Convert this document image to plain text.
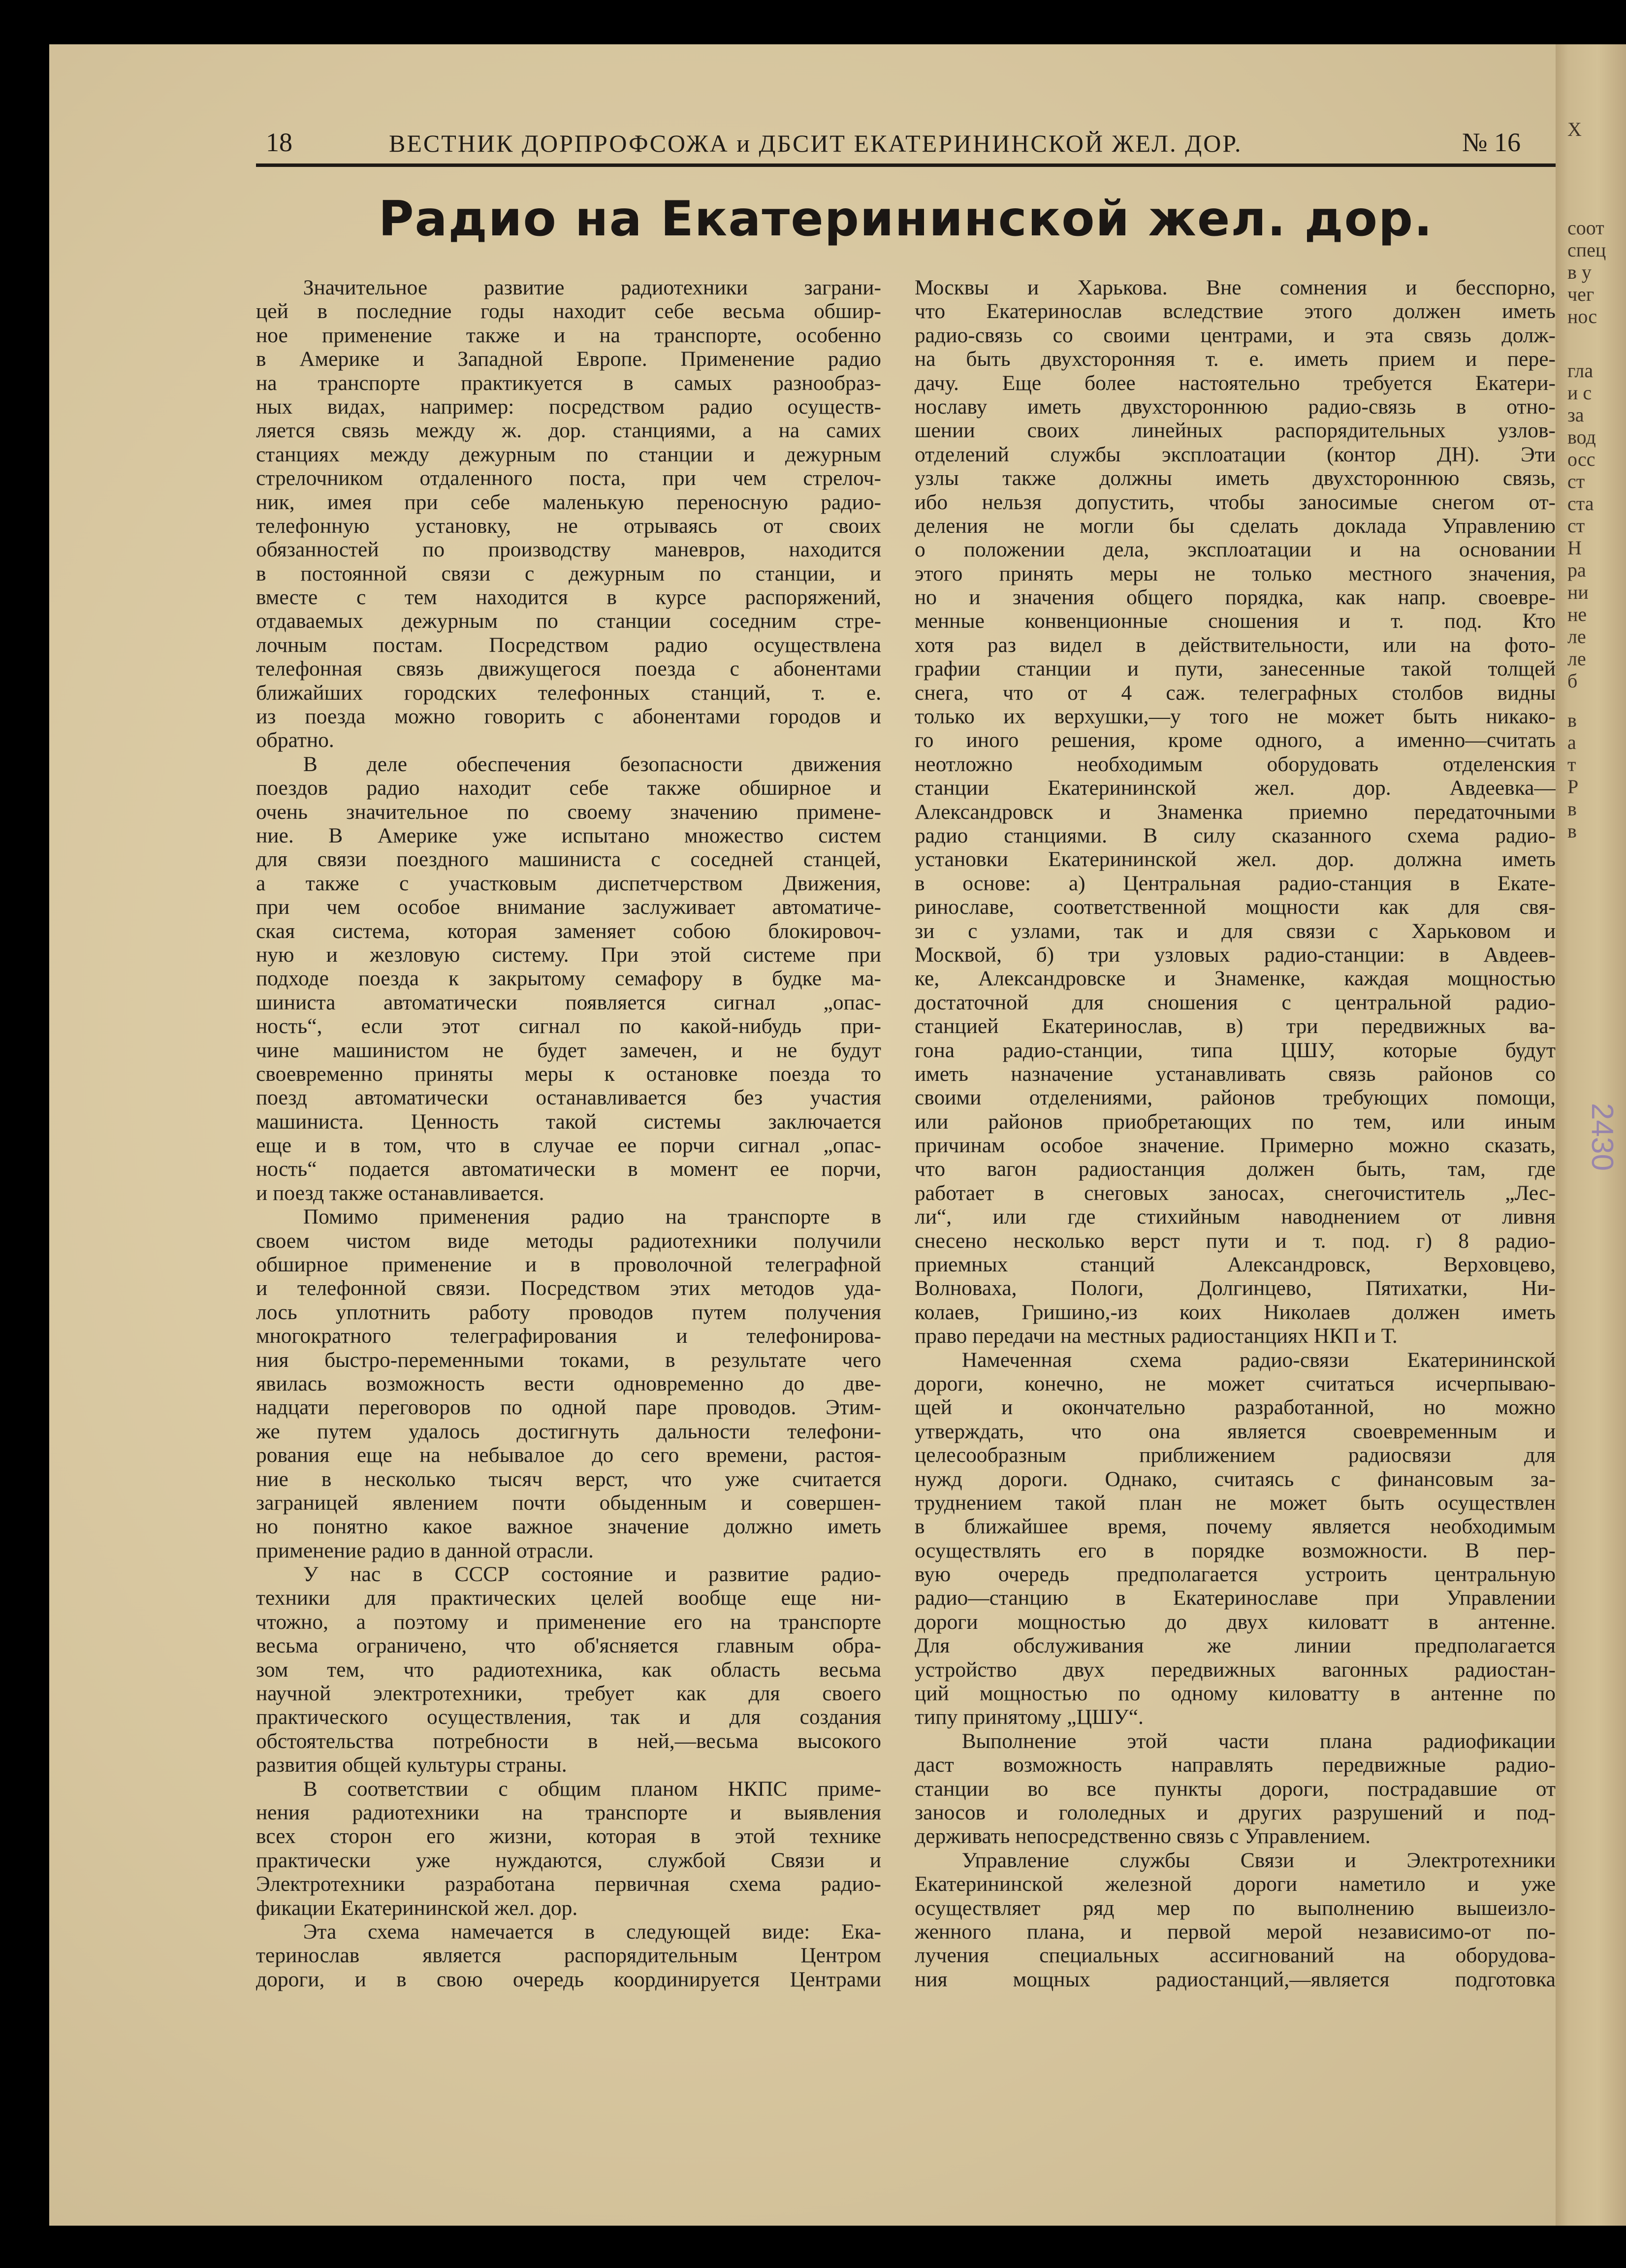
Х
соот
спец
в у
чег
нос
гла
и с
за
вод
осс
ст
ста
ст
Н
ра
ни
не
ле
ле
б
в
а
т
Р
в
в
18	ВЕСТНИК ДОРПРОФСОЖА и ДБСИТ ЕКАТЕРИНИНСКОЙ ЖЕЛ. ДОР.	№ 16
Радио на Екатерининской жел. дор.
Значительное развитие радиотехники заграни-
цей в последние годы находит себе весьма обшир-
ное применение также и на транспорте, особенно
в Америке и Западной Европе. Применение радио
на транспорте практикуется в самых разнообраз-
ных видах, например: посредством радио осуществ-
ляется связь между ж. дор. станциями, а на самих
станциях между дежурным по станции и дежурным
стрелочником отдаленного поста, при чем стрелоч-
ник, имея при себе маленькую переносную радио-
телефонную установку, не отрываясь от своих
обязанностей по производству маневров, находится
в постоянной связи с дежурным по станции, и
вместе с тем находится в курсе распоряжений,
отдаваемых дежурным по станции соседним стре-
лочным постам. Посредством радио осуществлена
телефонная связь движущегося поезда с абонентами
ближайших городских телефонных станций, т. е.
из поезда можно говорить с абонентами городов и
обратно.
В деле обеспечения безопасности движения
поездов радио находит себе также обширное и
очень значительное по своему значению примене-
ние. В Америке уже испытано множество систем
для связи поездного машиниста с соседней станцей,
а также с участковым диспетчерством Движения,
при чем особое внимание заслуживает автоматиче-
ская система, которая заменяет собою блокировоч-
ную и жезловую систему. При этой системе при
подходе поезда к закрытому семафору в будке ма-
шиниста автоматически появляется сигнал „опас-
ность“, если этот сигнал по какой-нибудь при-
чине машинистом не будет замечен, и не будут
своевременно приняты меры к остановке поезда то
поезд автоматически останавливается без участия
машиниста. Ценность такой системы заключается
еще и в том, что в случае ее порчи сигнал „опас-
ность“ подается автоматически в момент ее порчи,
и поезд также останавливается.
Помимо применения радио на транспорте в
своем чистом виде методы радиотехники получили
обширное применение и в проволочной телеграфной
и телефонной связи. Посредством этих методов уда-
лось уплотнить работу проводов путем получения
многократного телеграфирования и телефонирова-
ния быстро-переменными токами, в результате чего
явилась возможность вести одновременно до две-
надцати переговоров по одной паре проводов. Этим-
же путем удалось достигнуть дальности телефони-
рования еще на небывалое до сего времени, растоя-
ние в несколько тысяч верст, что уже считается
заграницей явлением почти обыденным и совершен-
но понятно какое важное значение должно иметь
применение радио в данной отрасли.
У нас в СССР состояние и развитие радио-
техники для практических целей вообще еще ни-
чтожно, а поэтому и применение его на транспорте
весьма ограничено, что об'ясняется главным обра-
зом тем, что радиотехника, как область весьма
научной электротехники, требует как для своего
практического осуществления, так и для создания
обстоятельства потребности в ней,—весьма высокого
развития общей культуры страны.
В соответствии с общим планом НКПС приме-
нения радиотехники на транспорте и выявления
всех сторон его жизни, которая в этой технике
практически уже нуждаются, службой Связи и
Электротехники разработана первичная схема радио-
фикации Екатерининской жел. дор.
Эта схема намечается в следующей виде: Ека-
теринослав является распорядительным Центром
дороги, и в свою очередь координируется Центрами
Москвы и Харькова. Вне сомнения и бесспорно,
что Екатеринослав вследствие этого должен иметь
радио-связь со своими центрами, и эта связь долж-
на быть двухсторонняя т. е. иметь прием и пере-
дачу. Еще более настоятельно требуется Екатери-
нославу иметь двухстороннюю радио-связь в отно-
шении своих линейных распорядительных узлов-
отделений службы эксплоатации (контор ДН). Эти
узлы также должны иметь двухстороннюю связь,
ибо нельзя допустить, чтобы заносимые снегом от-
деления не могли бы сделать доклада Управлению
о положении дела, эксплоатации и на основании
этого принять меры не только местного значения,
но и значения общего порядка, как напр. своевре-
менные конвенционные сношения и т. под. Кто
хотя раз видел в действительности, или на фото-
графии станции и пути, занесенные такой толщей
снега, что от 4 саж. телеграфных столбов видны
только их верхушки,—у того не может быть никако-
го иного решения, кроме одного, а именно—считать
неотложно необходимым оборудовать отделенския
станции Екатерининской жел. дор. Авдеевка—
Александровск и Знаменка приемно передаточными
радио станциями. В силу сказанного схема радио-
установки Екатерининской жел. дор. должна иметь
в основе: а) Центральная радио-станция в Екате-
ринославе, соответственной мощности как для свя-
зи с узлами, так и для связи с Харьковом и
Москвой, б) три узловых радио-станции: в Авдеев-
ке, Александровске и Знаменке, каждая мощностью
достаточной для сношения с центральной радио-
станцией Екатеринослав, в) три передвижных ва-
гона радио-станции, типа ЦШУ, которые будут
иметь назначение устанавливать связь районов со
своими отделениями, районов требующих помощи,
или районов приобретающих по тем, или иным
причинам особое значение. Примерно можно сказать,
что вагон радиостанция должен быть, там, где
работает в снеговых заносах, снегочиститель „Лес-
ли“, или где стихийным наводнением от ливня
снесено несколько верст пути и т. под. г) 8 радио-
приемных станций Александровск, Верховцево,
Волноваха, Пологи, Долгинцево, Пятихатки, Ни-
колаев, Гришино,-из коих Николаев должен иметь
право передачи на местных радиостанциях НКП и Т.
Намеченная схема радио-связи Екатерининской
дороги, конечно, не может считаться исчерпываю-
щей и окончательно разработанной, но можно
утверждать, что она является своевременным и
целесообразным приближением радиосвязи для
нужд дороги. Однако, считаясь с финансовым за-
труднением такой план не может быть осуществлен
в ближайшее время, почему является необходимым
осуществлять его в порядке возможности. В пер-
вую очередь предполагается устроить центральную
радио—станцию в Екатеринославе при Управлении
дороги мощностью до двух киловатт в антенне.
Для обслуживания же линии предполагается
устройство двух передвижных вагонных радиостан-
ций мощностью по одному киловатту в антенне по
типу принятому „ЦШУ“.
Выполнение этой части плана радиофикации
даст возможность направлять передвижные радио-
станции во все пункты дороги, пострадавшие от
заносов и гололедных и других разрушений и под-
держивать непосредственно связь с Управлением.
Управление службы Связи и Электротехники
Екатерининской железной дороги наметило и уже
осуществляет ряд мер по выполнению вышеизло-
женного плана, и первой мерой независимо-от по-
лучения специальных ассигнований на оборудова-
ния мощных радиостанций,—является подготовка
2430
